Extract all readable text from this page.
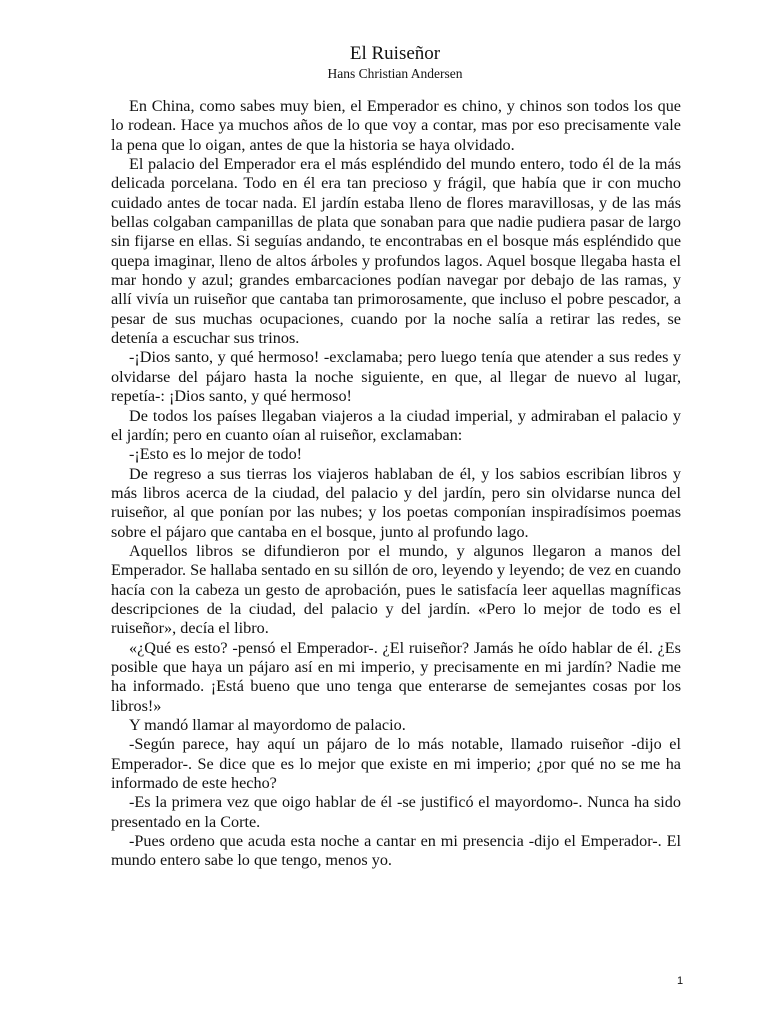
El Ruiseñor
Hans Christian Andersen

En China, como sabes muy bien, el Emperador es chino, y chinos son todos los que lo rodean. Hace ya muchos años de lo que voy a contar, mas por eso precisamente vale la pena que lo oigan, antes de que la historia se haya olvidado.

El palacio del Emperador era el más espléndido del mundo entero, todo él de la más delicada porcelana. Todo en él era tan precioso y frágil, que había que ir con mucho cuidado antes de tocar nada. El jardín estaba lleno de flores maravillosas, y de las más bellas colgaban campanillas de plata que sonaban para que nadie pudiera pasar de largo sin fijarse en ellas. Si seguías andando, te encontrabas en el bosque más espléndido que quepa imaginar, lleno de altos árboles y profundos lagos. Aquel bosque llegaba hasta el mar hondo y azul; grandes embarcaciones podían navegar por debajo de las ramas, y allí vivía un ruiseñor que cantaba tan primorosamente, que incluso el pobre pescador, a pesar de sus muchas ocupaciones, cuando por la noche salía a retirar las redes, se detenía a escuchar sus trinos.

-¡Dios santo, y qué hermoso! -exclamaba; pero luego tenía que atender a sus redes y olvidarse del pájaro hasta la noche siguiente, en que, al llegar de nuevo al lugar, repetía-: ¡Dios santo, y qué hermoso!

De todos los países llegaban viajeros a la ciudad imperial, y admiraban el palacio y el jardín; pero en cuanto oían al ruiseñor, exclamaban:

-¡Esto es lo mejor de todo!

De regreso a sus tierras los viajeros hablaban de él, y los sabios escribían libros y más libros acerca de la ciudad, del palacio y del jardín, pero sin olvidarse nunca del ruiseñor, al que ponían por las nubes; y los poetas componían inspiradísimos poemas sobre el pájaro que cantaba en el bosque, junto al profundo lago.

Aquellos libros se difundieron por el mundo, y algunos llegaron a manos del Emperador. Se hallaba sentado en su sillón de oro, leyendo y leyendo; de vez en cuando hacía con la cabeza un gesto de aprobación, pues le satisfacía leer aquellas magníficas descripciones de la ciudad, del palacio y del jardín. «Pero lo mejor de todo es el ruiseñor», decía el libro.

«¿Qué es esto? -pensó el Emperador-. ¿El ruiseñor? Jamás he oído hablar de él. ¿Es posible que haya un pájaro así en mi imperio, y precisamente en mi jardín? Nadie me ha informado. ¡Está bueno que uno tenga que enterarse de semejantes cosas por los libros!»

Y mandó llamar al mayordomo de palacio.

-Según parece, hay aquí un pájaro de lo más notable, llamado ruiseñor -dijo el Emperador-. Se dice que es lo mejor que existe en mi imperio; ¿por qué no se me ha informado de este hecho?

-Es la primera vez que oigo hablar de él -se justificó el mayordomo-. Nunca ha sido presentado en la Corte.

-Pues ordeno que acuda esta noche a cantar en mi presencia -dijo el Emperador-. El mundo entero sabe lo que tengo, menos yo.

1
